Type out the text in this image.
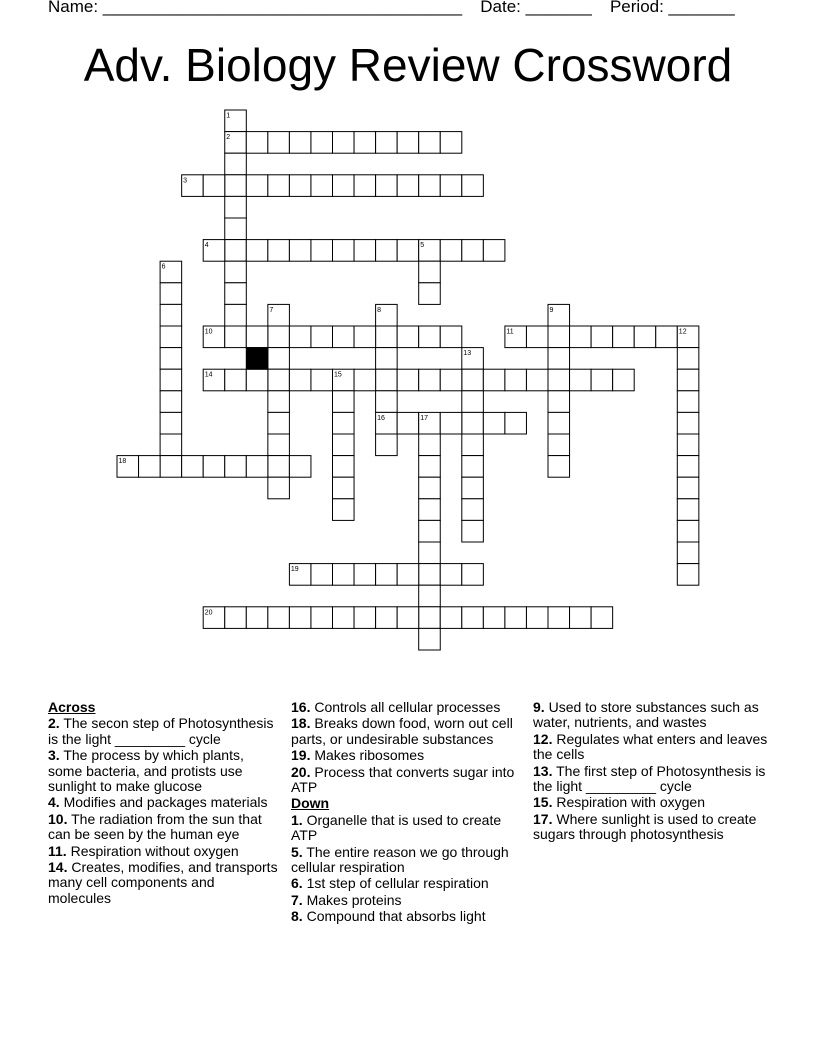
Name: ______________________________________ Date: _______ Period: _______
Adv. Biology Review Crossword
1
2
3
4	5
6
7	8	9
10	11	12
13
14	15
16	17
18
19
20
Across
2. The secon step of Photosynthesis is the light _________ cycle
3. The process by which plants, some bacteria, and protists use sunlight to make glucose
4. Modifies and packages materials
10. The radiation from the sun that can be seen by the human eye
11. Respiration without oxygen
14. Creates, modifies, and transports many cell components and molecules
16. Controls all cellular processes
18. Breaks down food, worn out cell parts, or undesirable substances
19. Makes ribosomes
20. Process that converts sugar into ATP
Down
1. Organelle that is used to create ATP
5. The entire reason we go through cellular respiration
6. 1st step of cellular respiration
7. Makes proteins
8. Compound that absorbs light
9. Used to store substances such as water, nutrients, and wastes
12. Regulates what enters and leaves the cells
13. The first step of Photosynthesis is the light _________ cycle
15. Respiration with oxygen
17. Where sunlight is used to create sugars through photosynthesis
